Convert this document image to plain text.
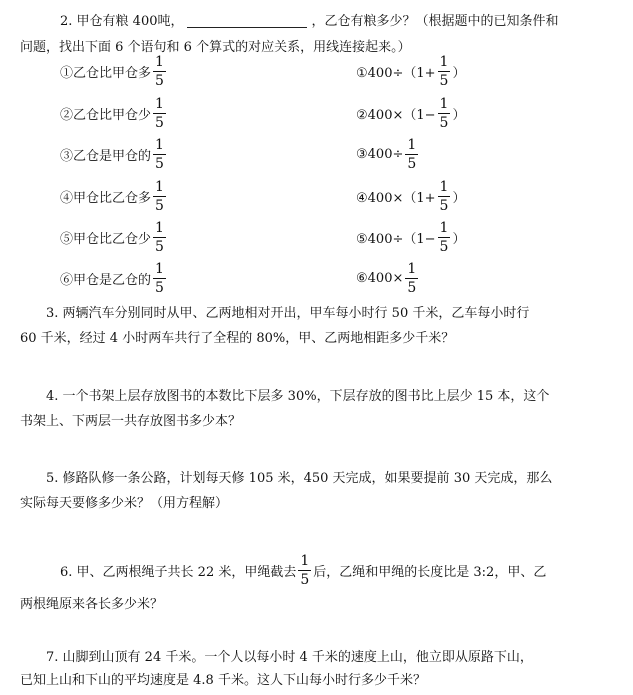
2. 甲仓有粮 400吨，	，乙仓有粮多少？（根据题中的已知条件和
问题，找出下面 6 个语句和 6 个算式的对应关系，用线连接起来。）
①乙仓比甲仓多 $\frac{1}{5}$
②乙仓比甲仓少 $\frac{1}{5}$
③乙仓是甲仓的 $\frac{1}{5}$
④甲仓比乙仓多 $\frac{1}{5}$
⑤甲仓比乙仓少 $\frac{1}{5}$
⑥甲仓是乙仓的 $\frac{1}{5}$
①400÷（1+ $\frac{1}{5}$ ）
②400×（1− $\frac{1}{5}$ ）
③400÷ $\frac{1}{5}$
④400×（1+ $\frac{1}{5}$ ）
⑤400÷（1− $\frac{1}{5}$ ）
⑥400× $\frac{1}{5}$
3. 两辆汽车分别同时从甲、乙两地相对开出，甲车每小时行 50 千米，乙车每小时行
60 千米，经过 4 小时两车共行了全程的 80%，甲、乙两地相距多少千米？
4. 一个书架上层存放图书的本数比下层多 30%，下层存放的图书比上层少 15 本，这个
书架上、下两层一共存放图书多少本？
5. 修路队修一条公路，计划每天修 105 米，450 天完成，如果要提前 30 天完成，那么
实际每天要修多少米？（用方程解）
6. 甲、乙两根绳子共长 22 米，甲绳截去 $\frac{1}{5}$ 后，乙绳和甲绳的长度比是 3:2，甲、乙
两根绳原来各长多少米？
7. 山脚到山顶有 24 千米。一个人以每小时 4 千米的速度上山，他立即从原路下山，
已知上山和下山的平均速度是 4.8 千米。这人下山每小时行多少千米？
